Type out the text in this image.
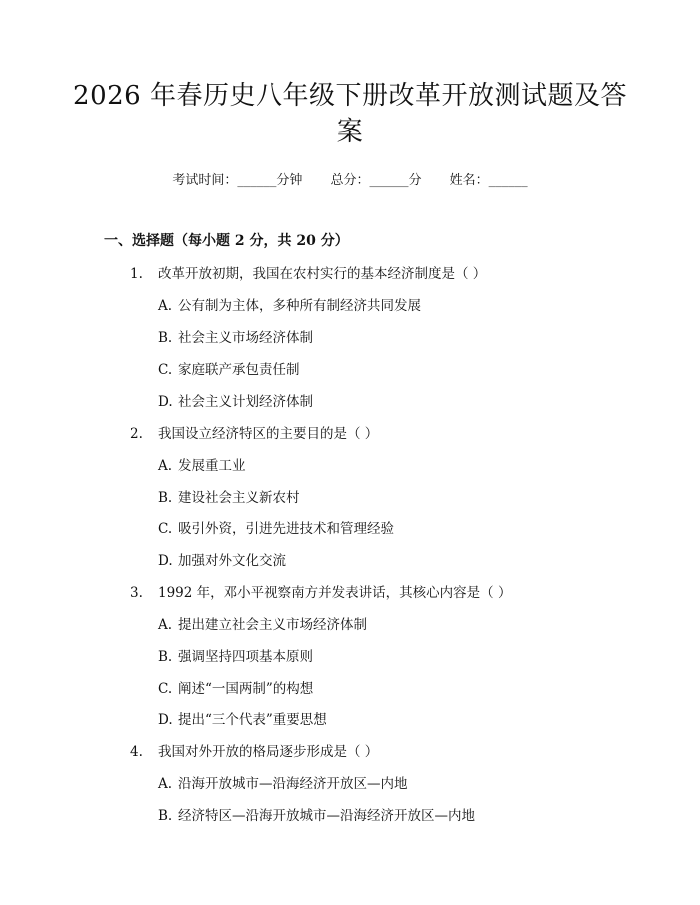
2026 年春历史八年级下册改革开放测试题及答案
考试时间：______分钟 总分：______分 姓名：______
一、选择题（每小题 2 分，共 20 分）
1. 改革开放初期，我国在农村实行的基本经济制度是（ ）
A. 公有制为主体，多种所有制经济共同发展
B. 社会主义市场经济体制
C. 家庭联产承包责任制
D. 社会主义计划经济体制
2. 我国设立经济特区的主要目的是（ ）
A. 发展重工业
B. 建设社会主义新农村
C. 吸引外资，引进先进技术和管理经验
D. 加强对外文化交流
3. 1992 年，邓小平视察南方并发表讲话，其核心内容是（ ）
A. 提出建立社会主义市场经济体制
B. 强调坚持四项基本原则
C. 阐述“一国两制”的构想
D. 提出“三个代表”重要思想
4. 我国对外开放的格局逐步形成是（ ）
A. 沿海开放城市—沿海经济开放区—内地
B. 经济特区—沿海开放城市—沿海经济开放区—内地
